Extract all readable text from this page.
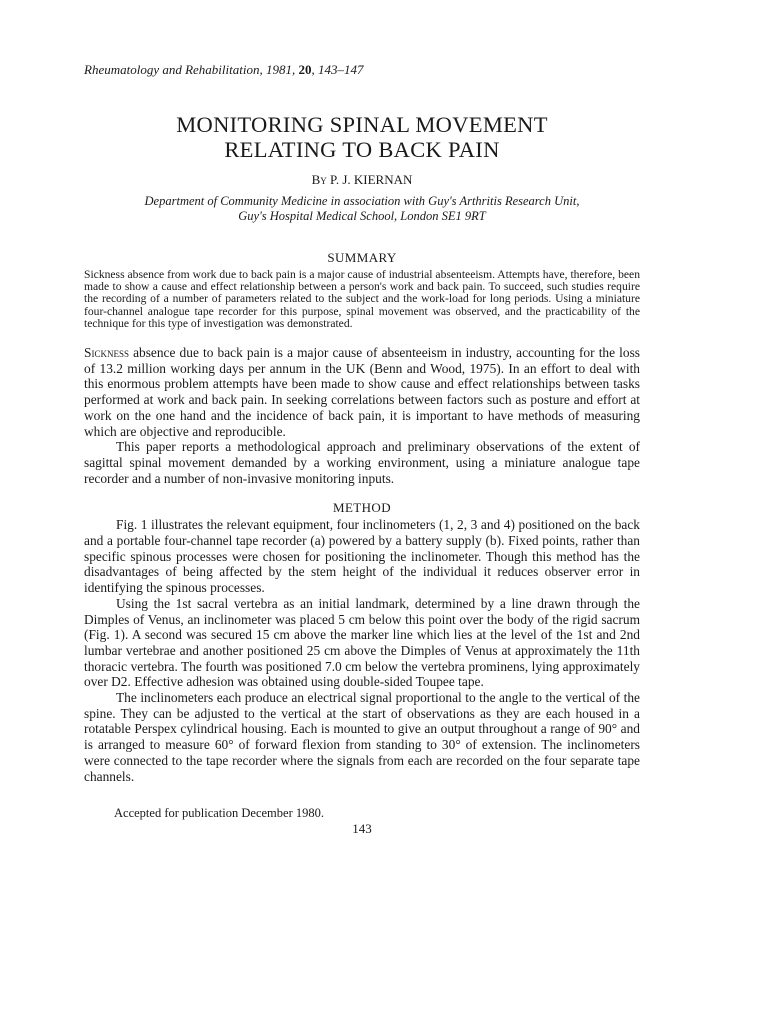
Rheumatology and Rehabilitation, 1981, 20, 143–147
MONITORING SPINAL MOVEMENT
RELATING TO BACK PAIN
By P. J. KIERNAN
Department of Community Medicine in association with Guy's Arthritis Research Unit,
Guy's Hospital Medical School, London SE1 9RT
SUMMARY
Sickness absence from work due to back pain is a major cause of industrial absenteeism. Attempts have, therefore, been made to show a cause and effect relationship between a person's work and back pain. To succeed, such studies require the recording of a number of parameters related to the subject and the work-load for long periods. Using a miniature four-channel analogue tape recorder for this purpose, spinal movement was observed, and the practicability of the technique for this type of investigation was demonstrated.

Sickness absence due to back pain is a major cause of absenteeism in industry, accounting for the loss of 13.2 million working days per annum in the UK (Benn and Wood, 1975). In an effort to deal with this enormous problem attempts have been made to show cause and effect relationships between tasks performed at work and back pain. In seeking correlations between factors such as posture and effort at work on the one hand and the incidence of back pain, it is important to have methods of measuring which are objective and reproducible.

This paper reports a methodological approach and preliminary observations of the extent of sagittal spinal movement demanded by a working environment, using a miniature analogue tape recorder and a number of non-invasive monitoring inputs.

METHOD

Fig. 1 illustrates the relevant equipment, four inclinometers (1, 2, 3 and 4) positioned on the back and a portable four-channel tape recorder (a) powered by a battery supply (b). Fixed points, rather than specific spinous processes were chosen for positioning the inclinometer. Though this method has the disadvantages of being affected by the stem height of the individual it reduces observer error in identifying the spinous processes.

Using the 1st sacral vertebra as an initial landmark, determined by a line drawn through the Dimples of Venus, an inclinometer was placed 5 cm below this point over the body of the rigid sacrum (Fig. 1). A second was secured 15 cm above the marker line which lies at the level of the 1st and 2nd lumbar vertebrae and another positioned 25 cm above the Dimples of Venus at approximately the 11th thoracic vertebra. The fourth was positioned 7.0 cm below the vertebra prominens, lying approximately over D2. Effective adhesion was obtained using double-sided Toupee tape.

The inclinometers each produce an electrical signal proportional to the angle to the vertical of the spine. They can be adjusted to the vertical at the start of observations as they are each housed in a rotatable Perspex cylindrical housing. Each is mounted to give an output throughout a range of 90° and is arranged to measure 60° of forward flexion from standing to 30° of extension. The inclinometers were connected to the tape recorder where the signals from each are recorded on the four separate tape channels.

Accepted for publication December 1980.
143
